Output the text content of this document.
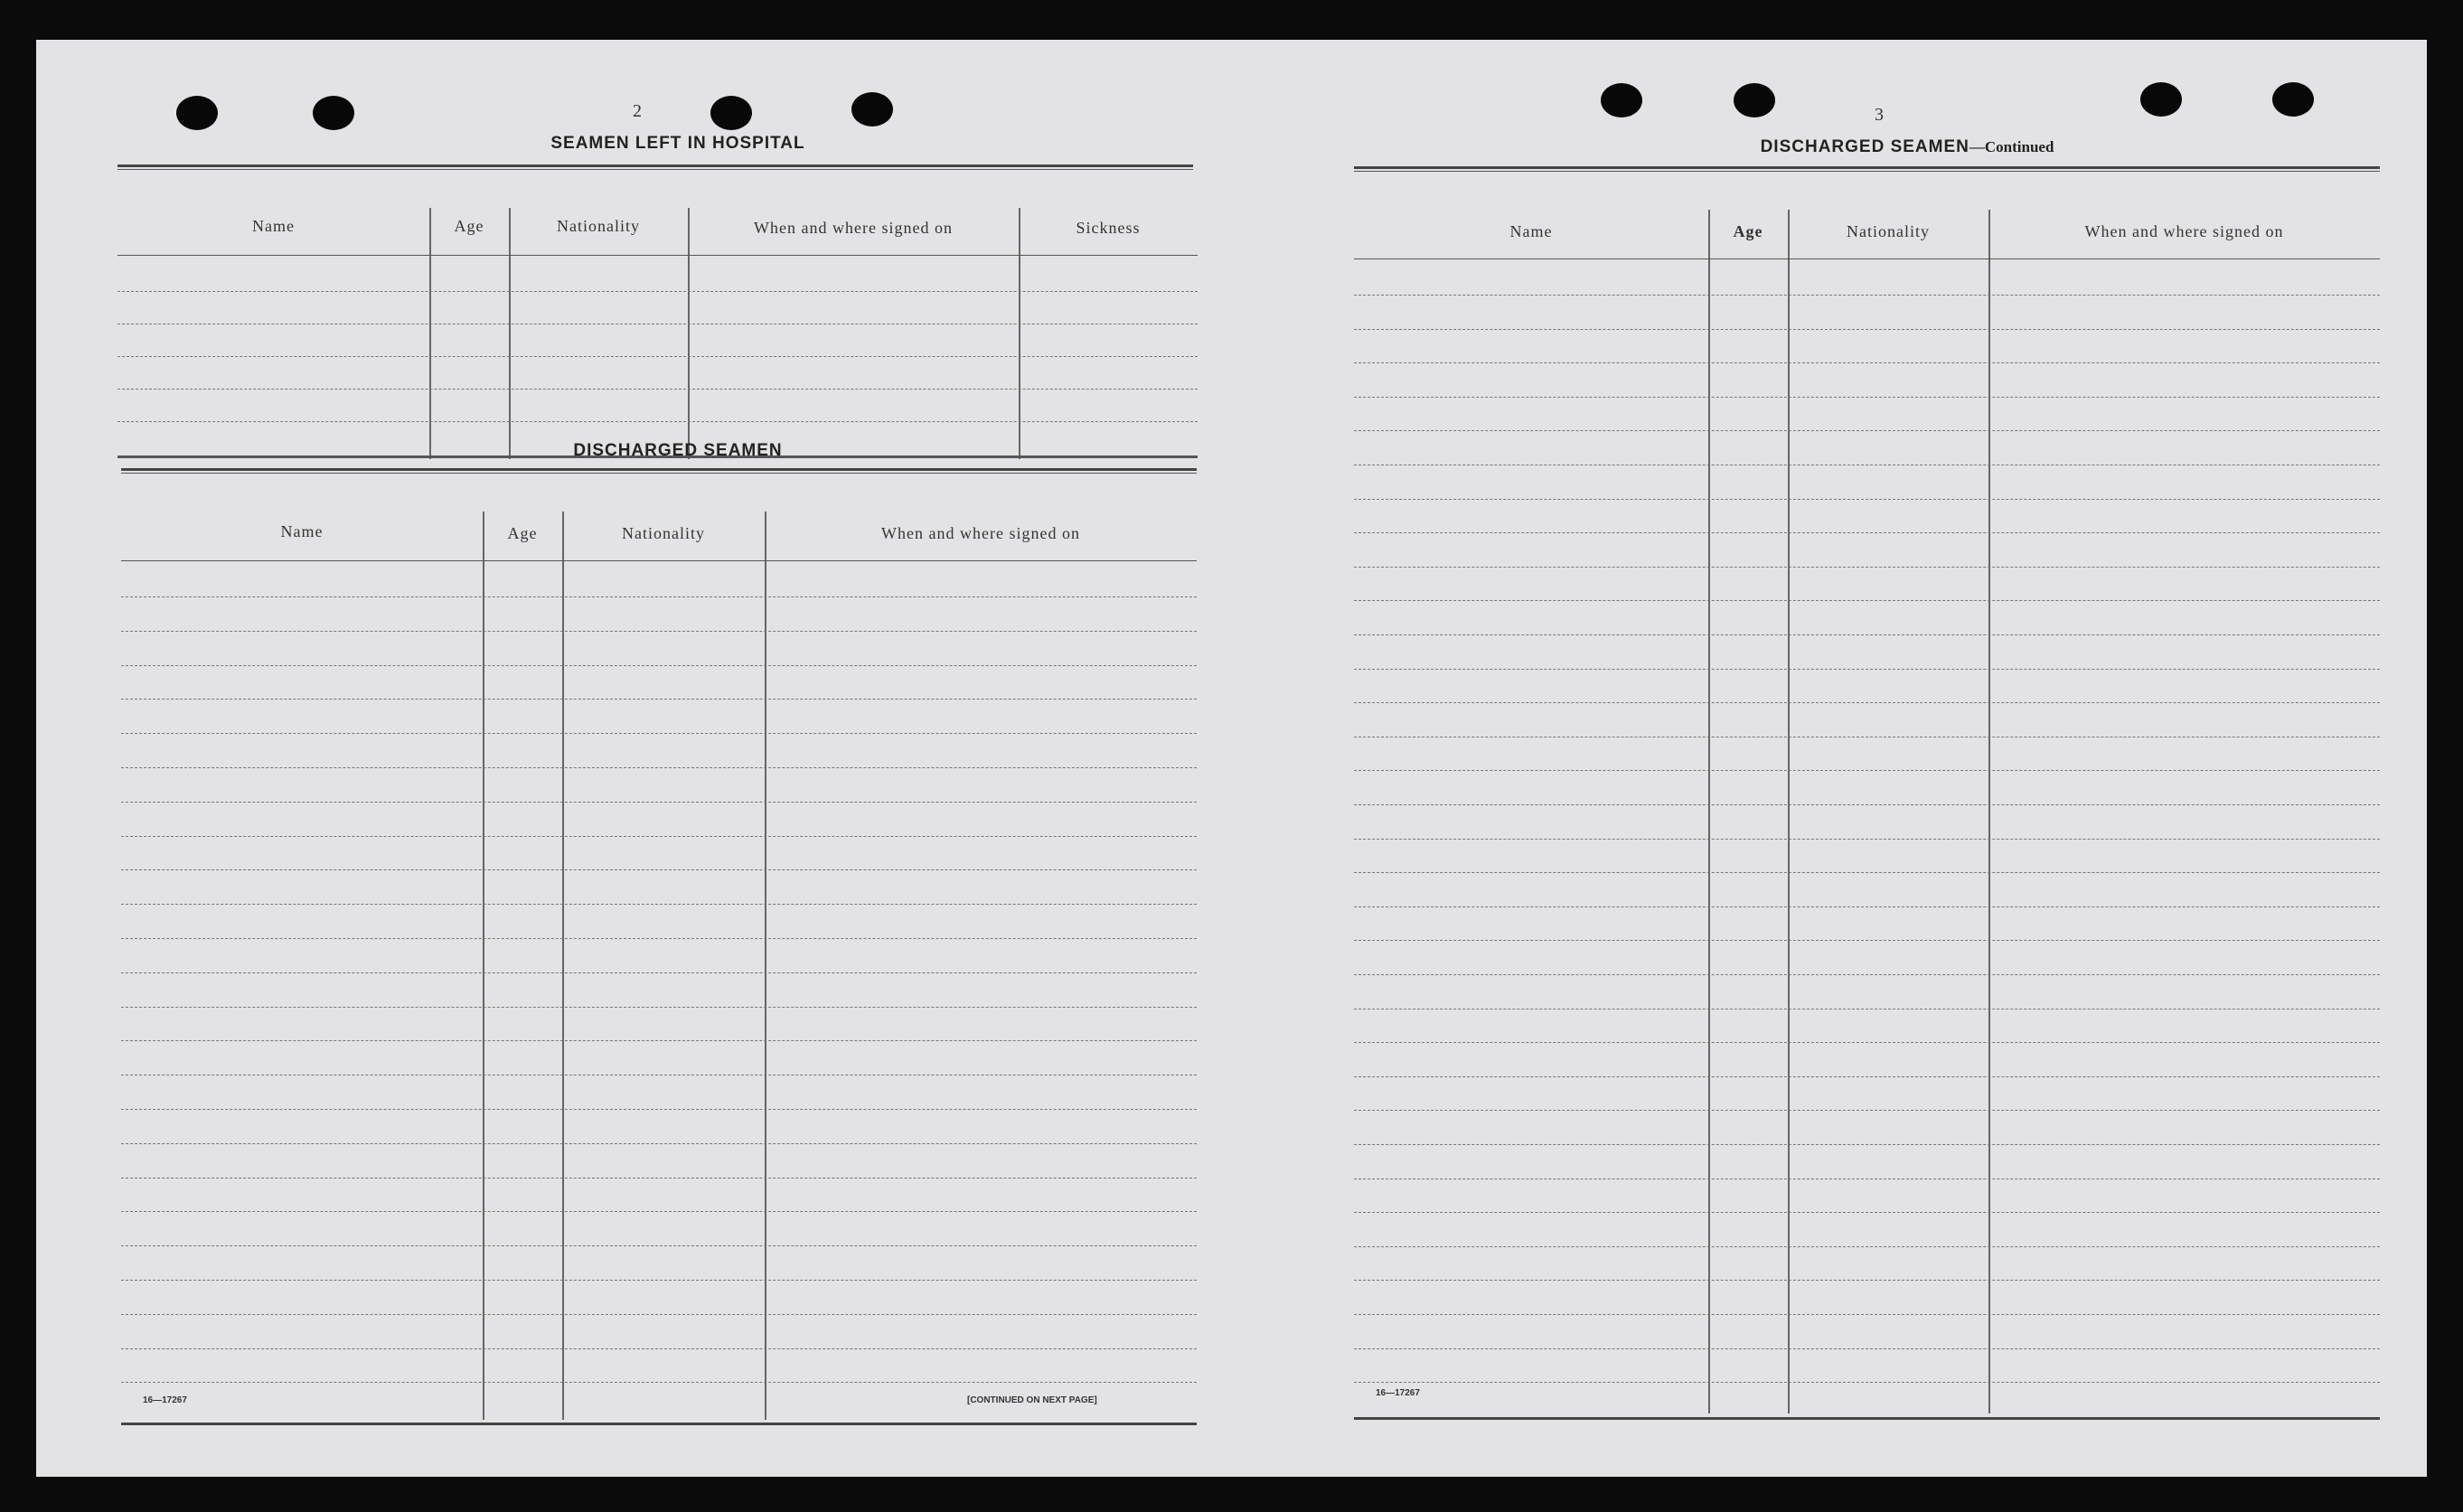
2
SEAMEN LEFT IN HOSPITAL
Name	Age	Nationality	When and where signed on	Sickness
DISCHARGED SEAMEN
Name	Age	Nationality	When and where signed on
16—17267	[CONTINUED ON NEXT PAGE]
3
DISCHARGED SEAMEN—Continued
Name	Age	Nationality	When and where signed on
16—17267
